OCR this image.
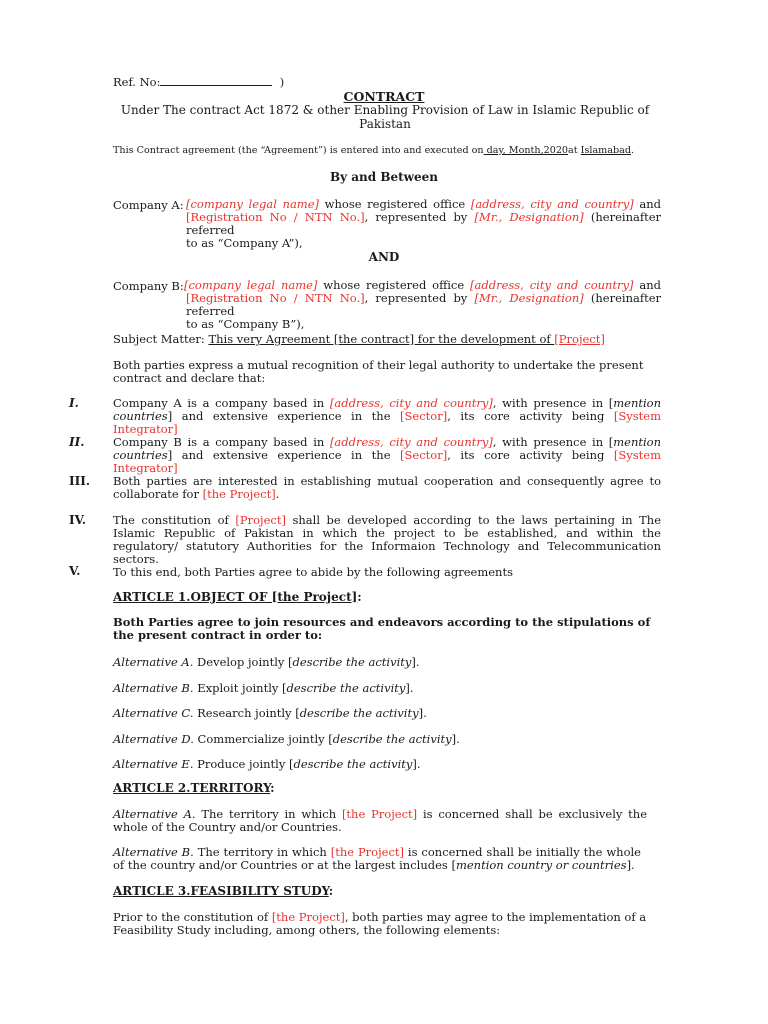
Ref. No:	)
CONTRACT
Under The contract Act 1872 & other Enabling Provision of Law in Islamic Republic of Pakistan
This Contract agreement (the “Agreement”) is entered into and executed on day, Month,2020at Islamabad.
By and Between
Company A: [company legal name] whose registered office [address, city and country] and
[Registration No / NTN No.], represented by [Mr., Designation] (hereinafter referred
to as “Company A”),
AND
Company B: [company legal name] whose registered office [address, city and country] and
[Registration No / NTN No.], represented by [Mr., Designation] (hereinafter referred
to as “Company B”),
Subject Matter: This very Agreement [the contract] for the development of [Project]
Both parties express a mutual recognition of their legal authority to undertake the present contract and declare that:
I.	Company A is a company based in [address, city and country], with presence in [mention countries] and extensive experience in the [Sector], its core activity being [System Integrator]
II. Company B is a company based in [address, city and country], with presence in [mention countries] and extensive experience in the [Sector], its core activity being [System Integrator]
III. Both parties are interested in establishing mutual cooperation and consequently agree to collaborate for [the Project].
IV. The constitution of [Project] shall be developed according to the laws pertaining in The Islamic Republic of Pakistan in which the project to be established, and within the regulatory/ statutory Authorities for the Informaion Technology and Telecommunication sectors.
V.	To this end, both Parties agree to abide by the following agreements
ARTICLE 1.OBJECT OF [the Project]:
Both Parties agree to join resources and endeavors according to the stipulations of the present contract in order to:
Alternative A. Develop jointly [describe the activity].
Alternative B. Exploit jointly [describe the activity].
Alternative C. Research jointly [describe the activity].
Alternative D. Commercialize jointly [describe the activity].
Alternative E. Produce jointly [describe the activity].
ARTICLE 2.TERRITORY:
Alternative A. The territory in which [the Project] is concerned shall be exclusively the whole of the Country and/or Countries.
Alternative B. The territory in which [the Project] is concerned shall be initially the whole of the country and/or Countries or at the largest includes [mention country or countries].
ARTICLE 3.FEASIBILITY STUDY:
Prior to the constitution of [the Project], both parties may agree to the implementation of a Feasibility Study including, among others, the following elements:
